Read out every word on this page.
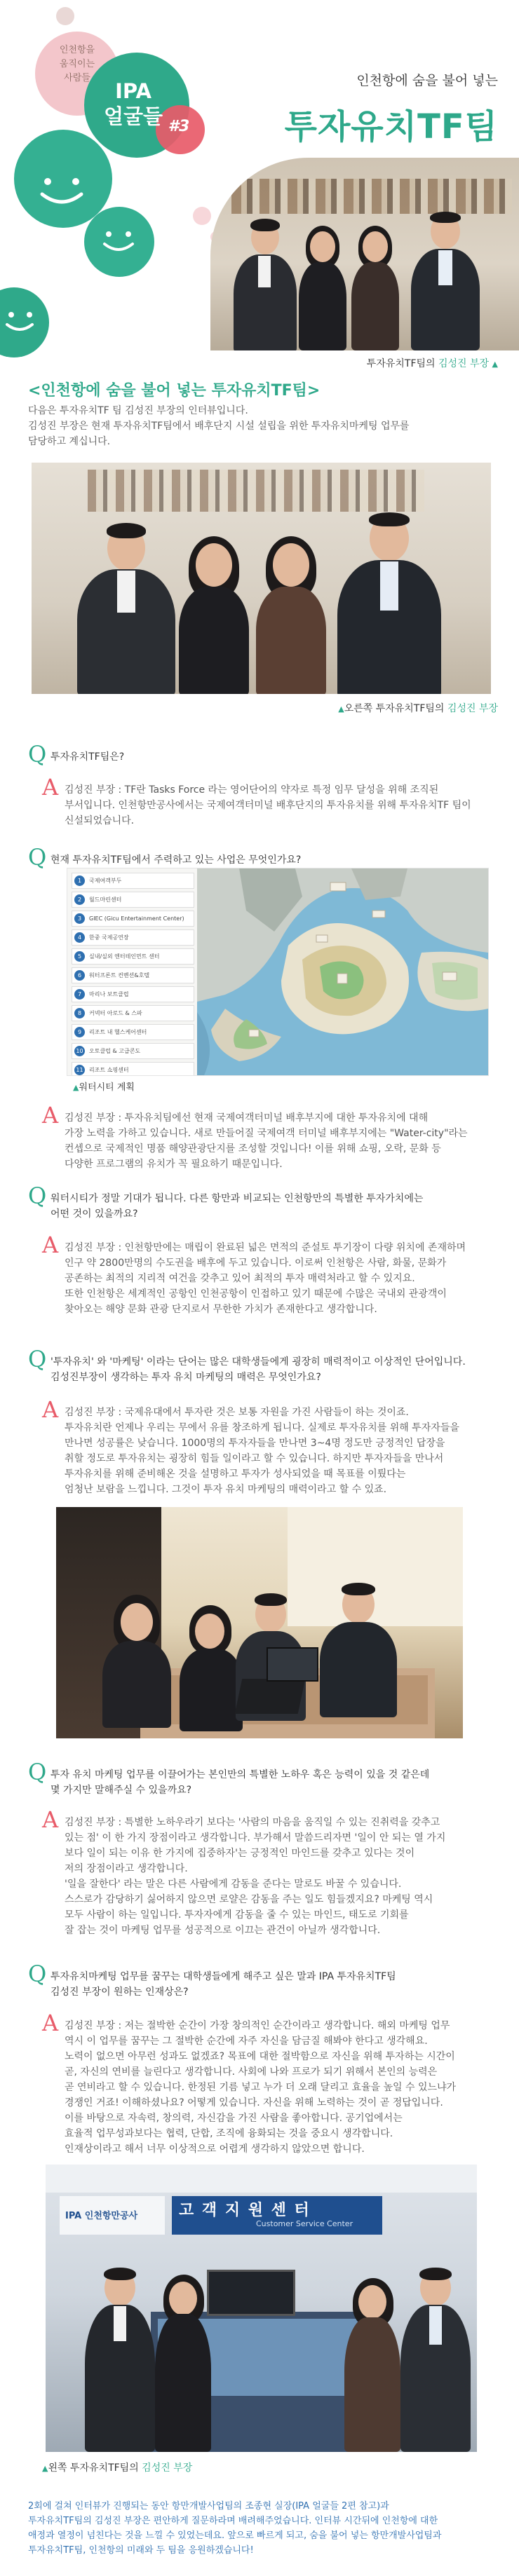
인천항을
움직이는
사람들
IPA
얼굴들 #3
인천항에 숨을 불어 넣는
투자유치TF팀
투자유치TF팀의 김성진 부장 ▲
<인천항에 숨을 불어 넣는 투자유치TF팀>
다음은 투자유치TF 팀 김성진 부장의 인터뷰입니다.
김성진 부장은 현재 투자유치TF팀에서 배후단지 시설 설립을 위한 투자유치마케팅 업무를
담당하고 계십니다.
▲오른쪽 투자유치TF팀의 김성진 부장
Q 투자유치TF팀은?
A 김성진 부장 : TF란 Tasks Force 라는 영어단어의 약자로 특정 임무 달성을 위해 조직된
부서입니다. 인천항만공사에서는 국제여객터미널 배후단지의 투자유치를 위해 투자유치TF 팀이
신설되었습니다.
Q 현재 투자유치TF팀에서 주력하고 있는 사업은 무엇인가요?
1	국제여객부두
2	월드마린센터
3	GIEC (Gicu Entertainment Center)
4	한중 국제공연장
5	실내/실외 엔터테인먼트 센터
6	워터프론트 컨벤션&호텔
7	마리나 보트클럽
8	커넥터 아로드 & 스파
9	리조트 내 헬스케어센터
10	오토클럽 & 고급콘도
11	리조트 쇼핑센터
▲워터시티 계획
A 김성진 부장 : 투자유치팀에선 현재 국제여객터미널 배후부지에 대한 투자유치에 대해
가장 노력을 가하고 있습니다. 새로 만들어질 국제여객 터미널 배후부지에는 "Water-city"라는
컨셉으로 국제적인 명품 해양관광단지를 조성할 것입니다! 이를 위해 쇼핑, 오락, 문화 등
다양한 프로그램의 유치가 꼭 필요하기 때문입니다.
Q 워터시티가 정말 기대가 됩니다. 다른 항만과 비교되는 인천항만의 특별한 투자가치에는
어떤 것이 있을까요?
A 김성진 부장 : 인천항만에는 매립이 완료된 넓은 면적의 준설토 투기장이 다량 위치에 존재하며
인구 약 2800만명의 수도권을 배후에 두고 있습니다. 이로써 인천항은 사람, 화물, 문화가
공존하는 최적의 지리적 여건을 갖추고 있어 최적의 투자 매력처라고 할 수 있지요.
또한 인천항은 세계적인 공항인 인천공항이 인접하고 있기 때문에 수많은 국내외 관광객이
찾아오는 해양 문화 관광 단지로서 무한한 가치가 존재한다고 생각합니다.
Q '투자유치' 와 '마케팅' 이라는 단어는 많은 대학생들에게 굉장히 매력적이고 이상적인 단어입니다.
김성진부장이 생각하는 투자 유치 마케팅의 매력은 무엇인가요?
A 김성진 부장 : 국제유대에서 투자란 것은 보통 자원을 가진 사람들이 하는 것이죠.
투자유치란 언제나 우리는 무에서 유를 창조하게 됩니다. 실제로 투자유치를 위해 투자자들을
만나면 성공률은 낮습니다. 1000명의 투자자들을 만나면 3~4명 정도만 긍정적인 답장을
취할 정도로 투자유치는 굉장히 힘들 일이라고 할 수 있습니다. 하지만 투자자들을 만나서
투자유치를 위해 준비해온 것을 설명하고 투자가 성사되었을 때 목표를 이뤘다는
엄청난 보람을 느낍니다. 그것이 투자 유치 마케팅의 매력이라고 할 수 있죠.
Q 투자 유치 마케팅 업무를 이끌어가는 본인만의 특별한 노하우 혹은 능력이 있을 것 같은데
몇 가지만 말해주실 수 있을까요?
A 김성진 부장 : 특별한 노하우라기 보다는 '사람의 마음을 움직일 수 있는 진취력을 갖추고
있는 점' 이 한 가지 장점이라고 생각합니다. 부가해서 말씀드리자면 '일이 안 되는 열 가지
보다 일이 되는 이유 한 가지에 집중하자'는 긍정적인 마인드를 갖추고 있다는 것이
저의 장점이라고 생각합니다.
'일을 잘한다' 라는 말은 다른 사람에게 감동을 준다는 말로도 바꿀 수 있습니다.
스스로가 감당하기 싫어하지 않으면 로얄은 감동을 주는 일도 힘들겠지요? 마케팅 역시
모두 사람이 하는 일입니다. 투자자에게 감동을 줄 수 있는 마인드, 태도로 기회를
잘 잡는 것이 마케팅 업무를 성공적으로 이끄는 관건이 아닐까 생각합니다.
Q 투자유치마케팅 업무를 꿈꾸는 대학생들에게 해주고 싶은 말과 IPA 투자유치TF팀
김성진 부장이 원하는 인재상은?
A 김성진 부장 : 저는 절박한 순간이 가장 창의적인 순간이라고 생각합니다. 해외 마케팅 업무
역시 이 업무를 꿈꾸는 그 절박한 순간에 자주 자신을 담금질 해봐야 한다고 생각해요.
노력이 없으면 아무런 성과도 없겠죠? 목표에 대한 절박함으로 자신을 위해 투자하는 시간이
곧, 자신의 연비를 늘린다고 생각합니다. 사회에 나와 프로가 되기 위해서 본인의 능력은
곧 연비라고 할 수 있습니다. 한정된 기름 넣고 누가 더 오래 달리고 효율을 높일 수 있느냐가
경쟁인 거죠! 이해하셨나요? 어떻게 있습니다. 자신을 위해 노력하는 것이 곧 정답입니다.
이를 바탕으로 자속력, 창의력, 자신감을 가진 사람을 좋아합니다. 공기업에서는
효율적 업무성과보다는 협력, 단합, 조직에 융화되는 것을 중요시 생각합니다.
인재상이라고 해서 너무 이상적으로 어렵게 생각하지 않았으면 합니다.
고 객 지 원 센 터
Customer Service Center
IPA 인천항만공사
▲왼쪽 투자유치TF팀의 김성진 부장
2회에 걸쳐 인터뷰가 진행되는 동안 항만개발사업팀의 조종현 실장(IPA 얼굴들 2편 참고)과
투자유치TF팀의 김성진 부장은 편안하게 질문하라며 배려해주었습니다. 인터뷰 시간뒤에 인천항에 대한
애정과 열정이 넘친다는 것을 느낄 수 있었는데요. 앞으로 빠르게 되고, 숨을 불어 넣는 항만개발사업팀과
투자유치TF팀, 인천항의 미래와 두 팀을 응원하겠습니다!
